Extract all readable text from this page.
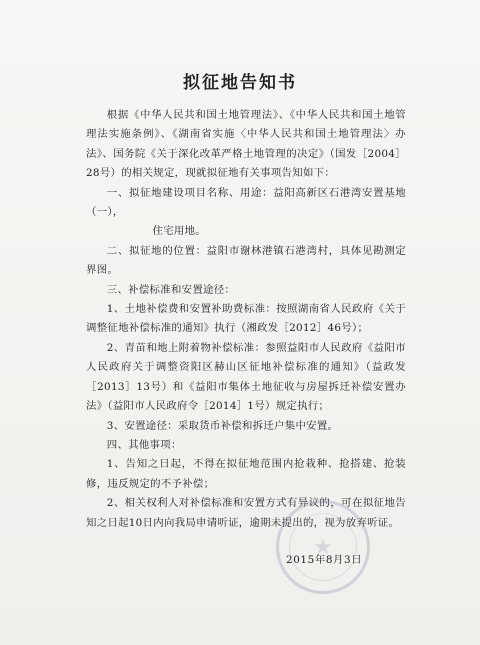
拟征地告知书

根据《中华人民共和国土地管理法》、《中华人民共和国土地管理法实施条例》、《湖南省实施〈中华人民共和国土地管理法〉办法》、国务院《关于深化改革严格土地管理的决定》（国发［2004］28号）的相关规定，现就拟征地有关事项告知如下：

一、拟征地建设项目名称、用途：益阳高新区石港湾安置基地（一），

住宅用地。

二、拟征地的位置：益阳市谢林港镇石港湾村，具体见勘测定界图。

三、补偿标准和安置途径：

1、土地补偿费和安置补助费标准：按照湖南省人民政府《关于调整征地补偿标准的通知》执行（湘政发［2012］46号）；

2、青苗和地上附着物补偿标准：参照益阳市人民政府《益阳市人民政府关于调整资阳区赫山区征地补偿标准的通知》（益政发［2013］13号）和《益阳市集体土地征收与房屋拆迁补偿安置办法》（益阳市人民政府令［2014］1号）规定执行；

3、安置途径：采取货币补偿和拆迁户集中安置。

四、其他事项：

1、告知之日起，不得在拟征地范围内抢栽种、抢搭建、抢装修，违反规定的不予补偿；

2、相关权利人对补偿标准和安置方式有异议的，可在拟征地告知之日起10日内向我局申请听证，逾期未提出的，视为放弃听证。

★
2015年8月3日
